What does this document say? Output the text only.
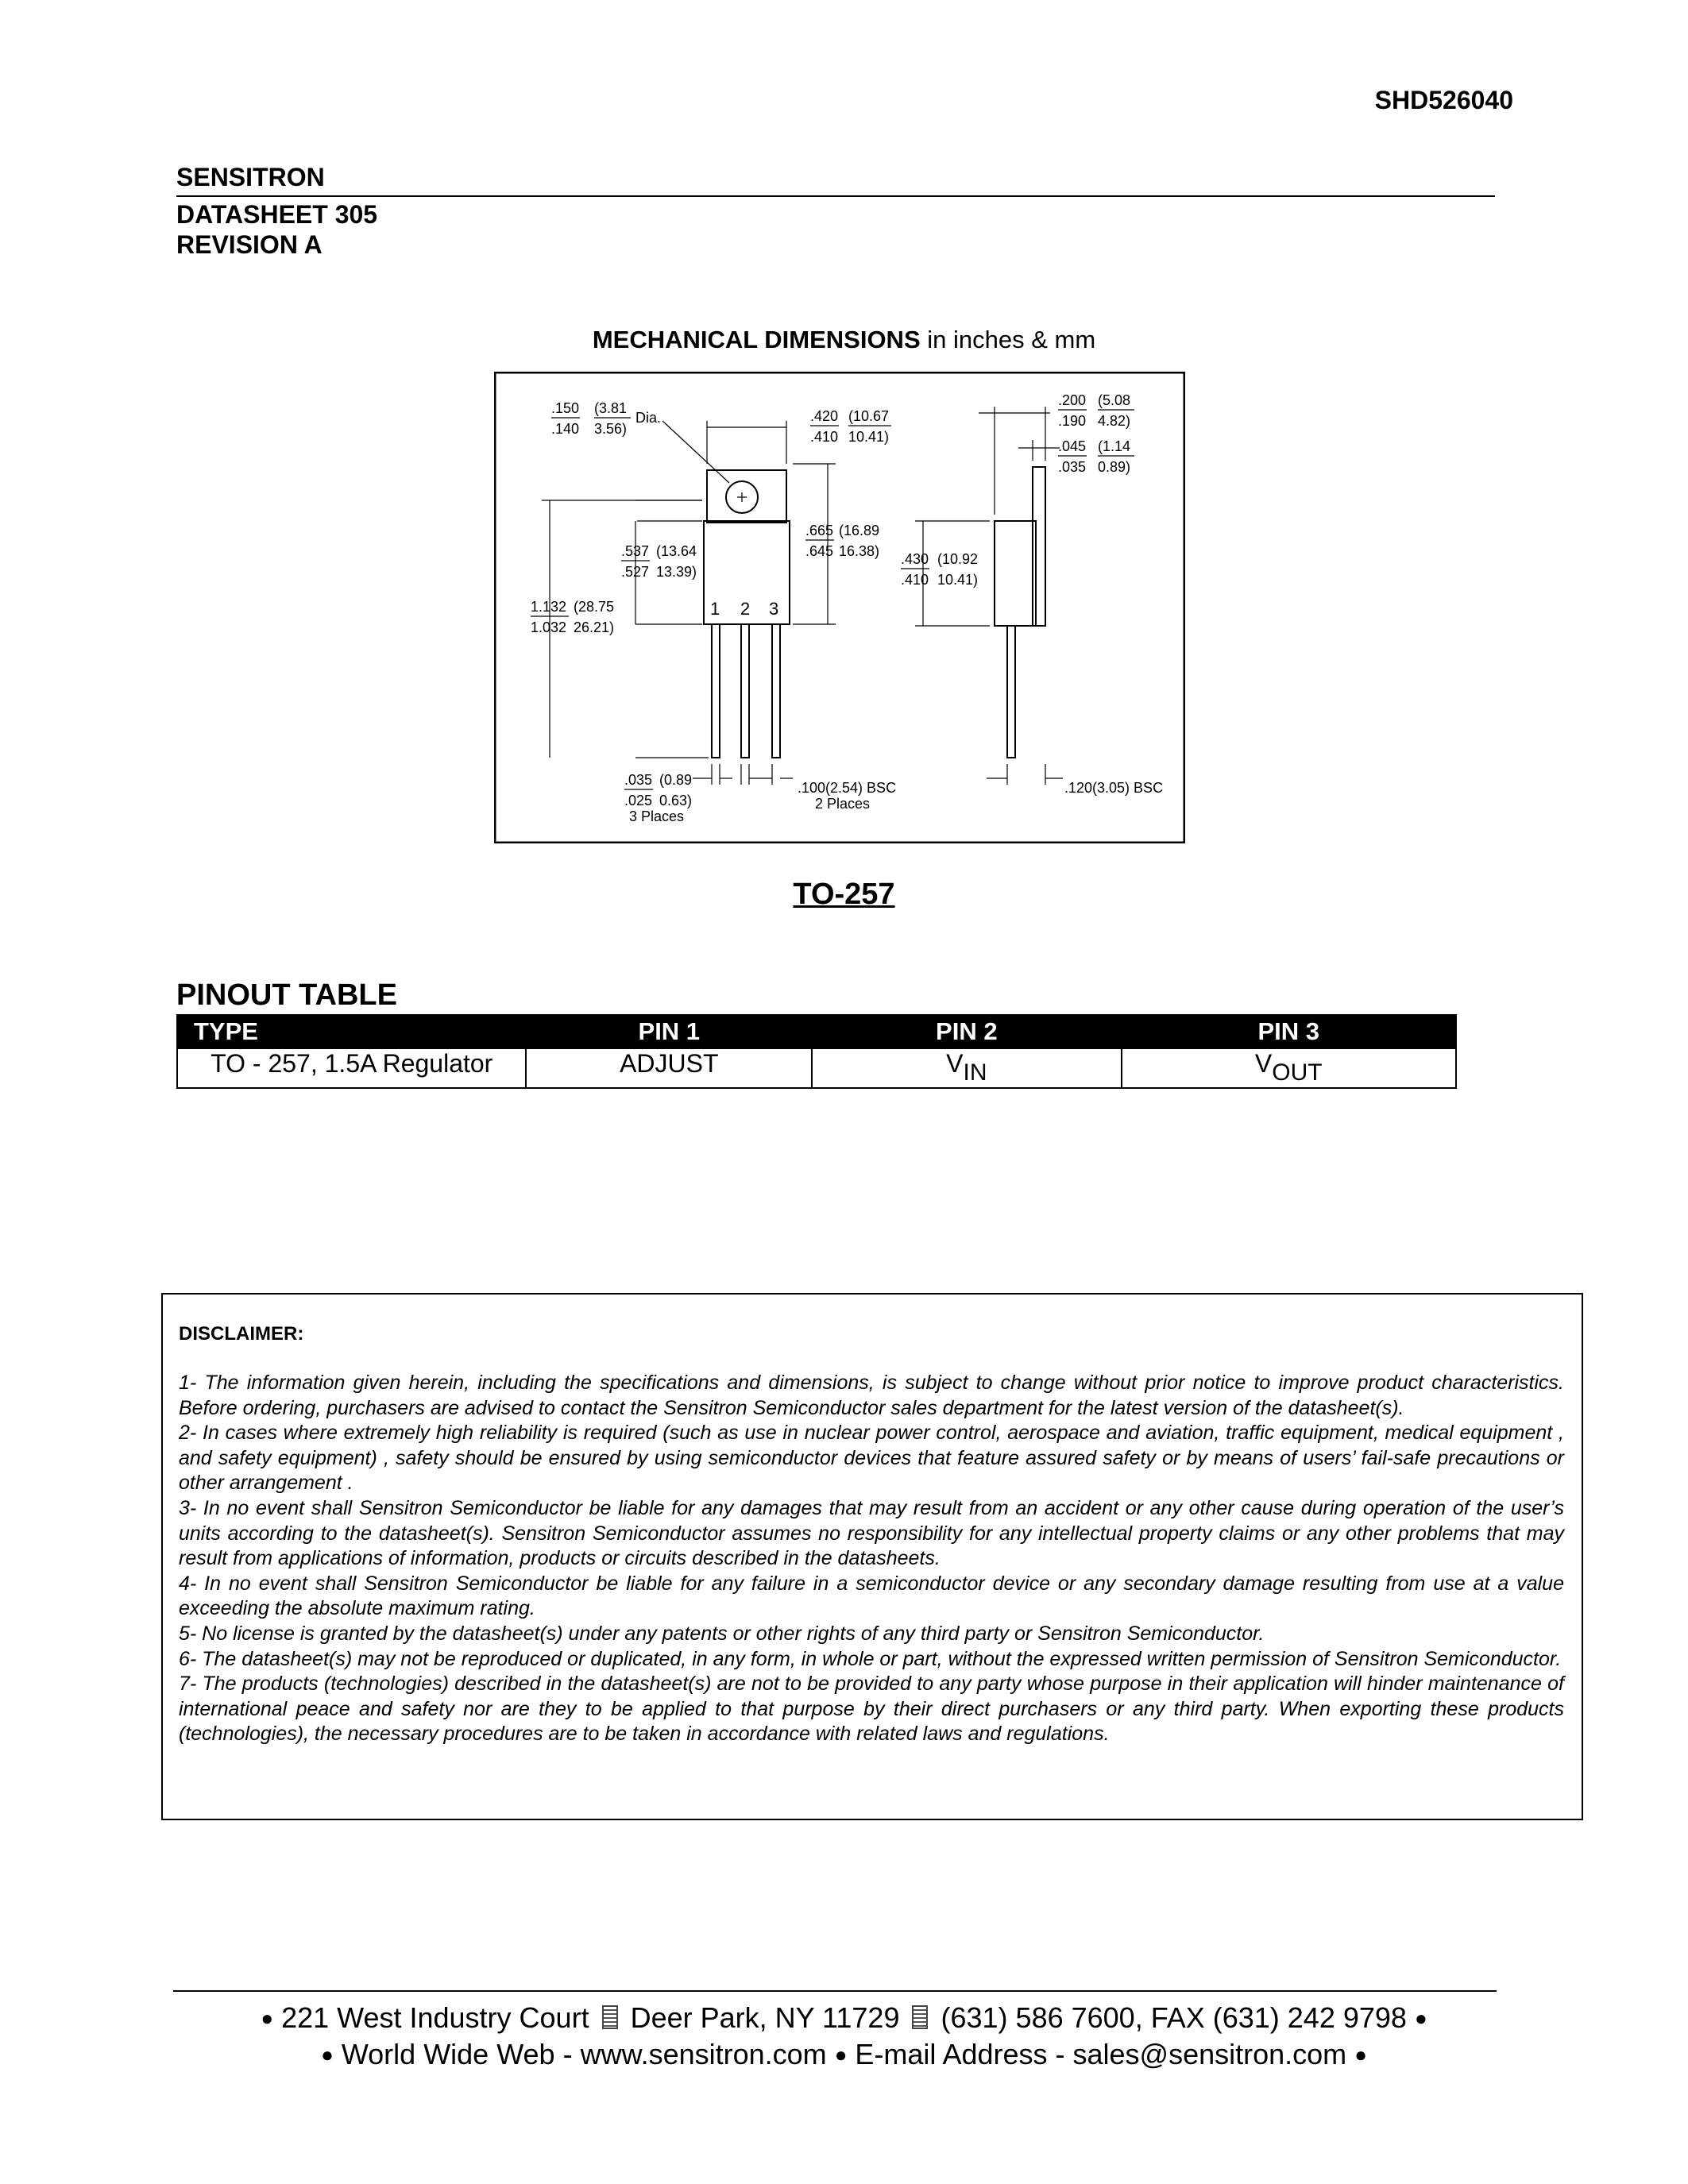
SHD526040
SENSITRON
DATASHEET 305
REVISION A
MECHANICAL DIMENSIONS in inches & mm
.150
.140
(3.81
3.56)
Dia.	.420
.410
(10.67
10.41)
.200
.190
(5.08
4.82)
.045
.035
(1.14
0.89)
.537
.527
(13.64
13.39)
.665
.645
(16.89
16.38) .430
.410
(10.92
10.41)
1.132
1.032
(28.75
26.21)
.035
.025
(0.89
0.63)
3 Places
.100(2.54) BSC
2 Places
.120(3.05) BSC
1 2 3
TO-257
PINOUT TABLE
TYPE	PIN 1	PIN 2	PIN 3
TO - 257, 1.5A Regulator	ADJUST	$V_{IN}$	$V_{OUT}$
DISCLAIMER:

1- The information given herein, including the specifications and dimensions, is subject to change without prior notice to improve product characteristics. Before ordering, purchasers are advised to contact the Sensitron Semiconductor sales department for the latest version of the datasheet(s).

2- In cases where extremely high reliability is required (such as use in nuclear power control, aerospace and aviation, traffic equipment, medical equipment , and safety equipment) , safety should be ensured by using semiconductor devices that feature assured safety or by means of users’ fail-safe precautions or other arrangement .

3- In no event shall Sensitron Semiconductor be liable for any damages that may result from an accident or any other cause during operation of the user’s units according to the datasheet(s). Sensitron Semiconductor assumes no responsibility for any intellectual property claims or any other problems that may result from applications of information, products or circuits described in the datasheets.

4- In no event shall Sensitron Semiconductor be liable for any failure in a semiconductor device or any secondary damage resulting from use at a value exceeding the absolute maximum rating.

5- No license is granted by the datasheet(s) under any patents or other rights of any third party or Sensitron Semiconductor.

6- The datasheet(s) may not be reproduced or duplicated, in any form, in whole or part, without the expressed written permission of Sensitron Semiconductor.

7- The products (technologies) described in the datasheet(s) are not to be provided to any party whose purpose in their application will hinder maintenance of international peace and safety nor are they to be applied to that purpose by their direct purchasers or any third party. When exporting these products (technologies), the necessary procedures are to be taken in accordance with related laws and regulations.

● 221 West Industry Court Deer Park, NY 11729 (631) 586 7600, FAX (631) 242 9798 ●
● World Wide Web - www.sensitron.com ● E-mail Address - sales@sensitron.com ●
